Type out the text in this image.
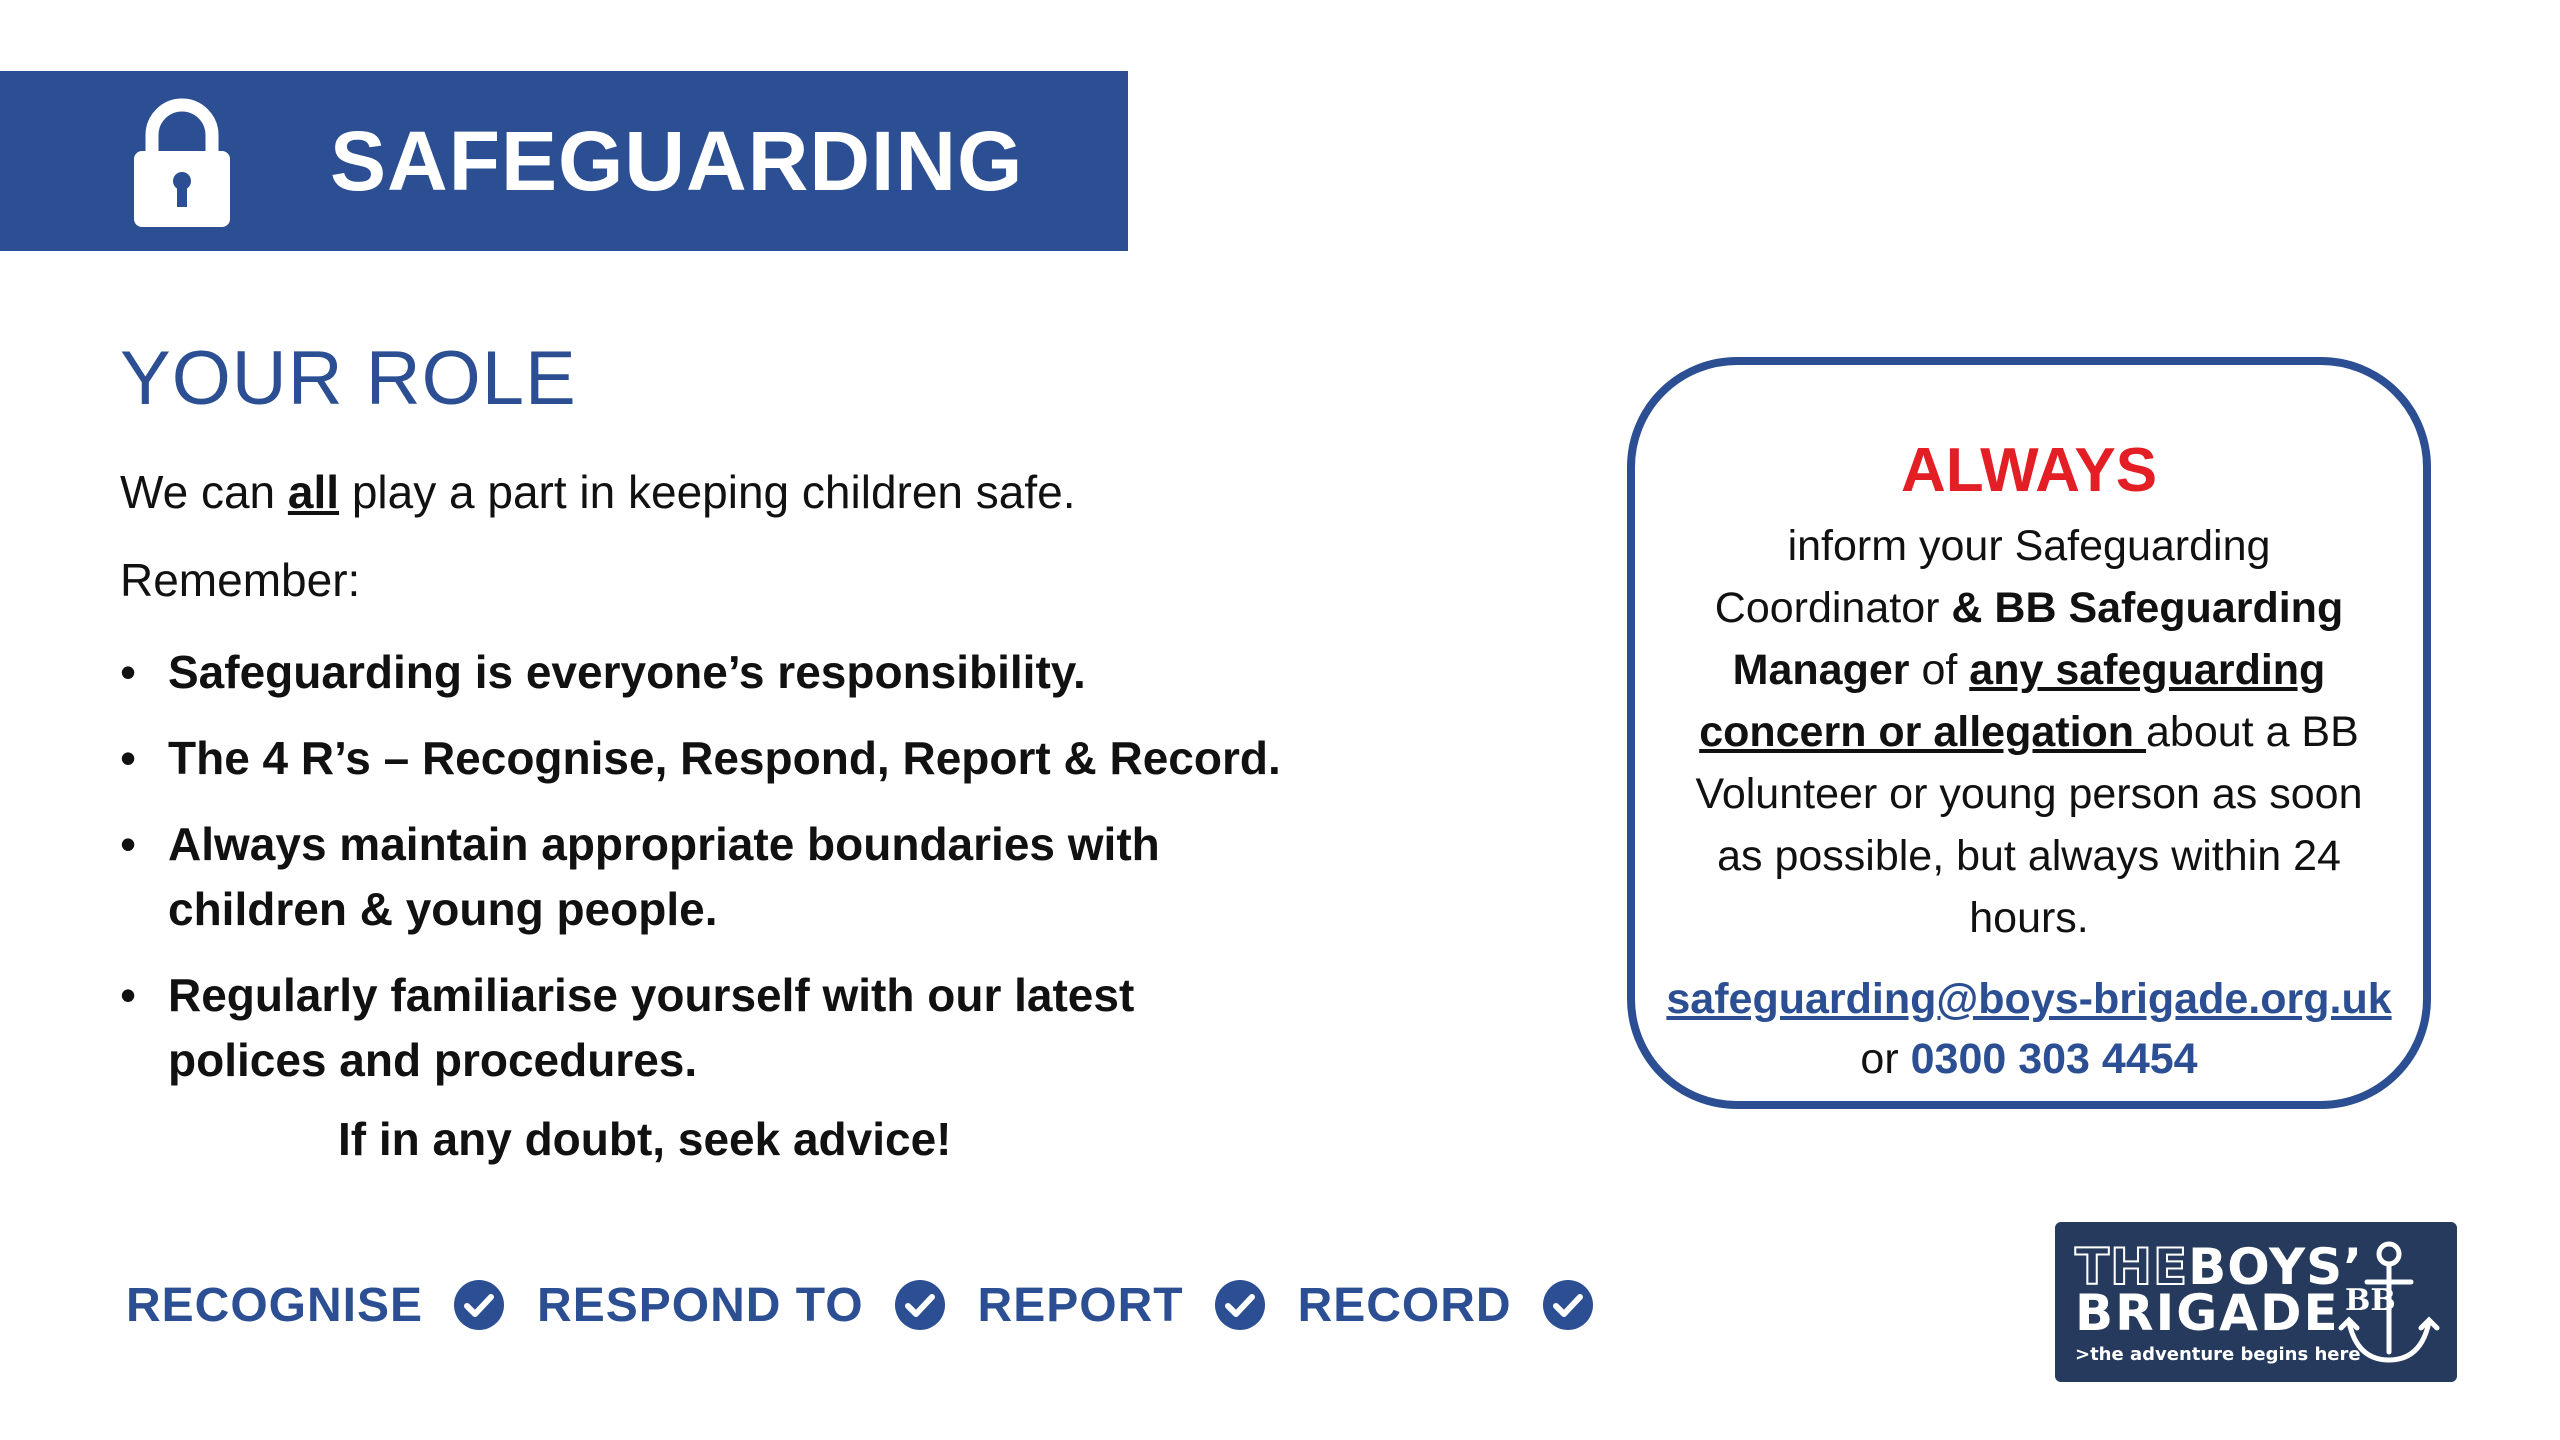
SAFEGUARDING
YOUR ROLE
We can all play a part in keeping children safe.
Remember:
• Safeguarding is everyone’s responsibility.
• The 4 R’s – Recognise, Respond, Report & Record.
• Always maintain appropriate boundaries with children & young people.
• Regularly familiarise yourself with our latest polices and procedures.
If in any doubt, seek advice!
ALWAYS
inform your Safeguarding Coordinator & BB Safeguarding Manager of any safeguarding concern or allegation about a BB Volunteer or young person as soon as possible, but always within 24 hours.
safeguarding@boys-brigade.org.uk
or 0300 303 4454
RECOGNISE RESPOND TO REPORT RECORD
THEBOYS’
BRIGADE
>the adventure begins here
BB
